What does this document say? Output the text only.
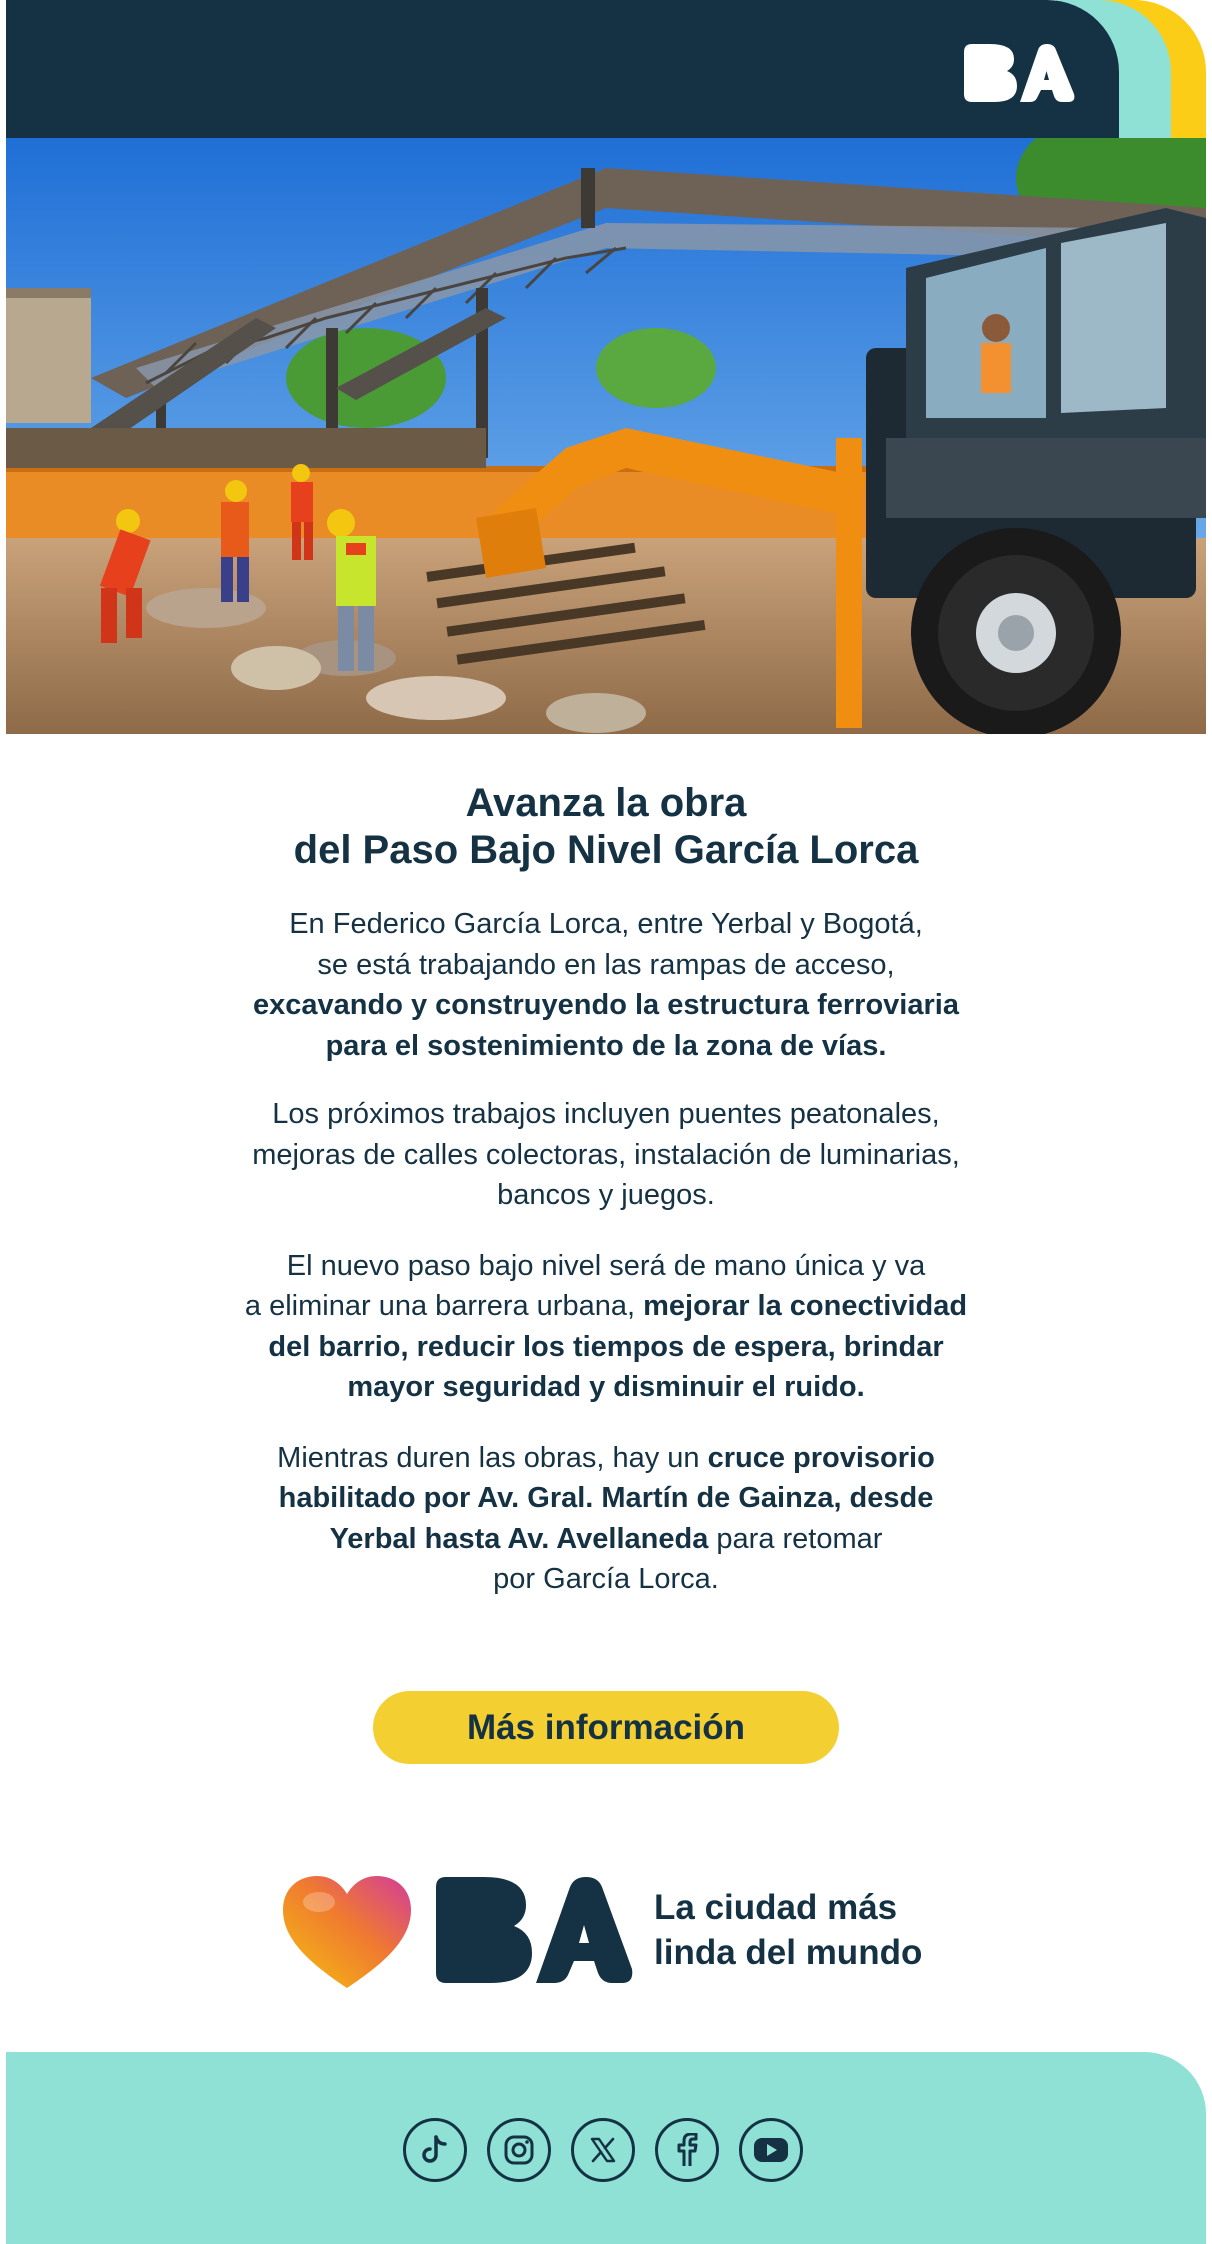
Avanza la obra
del Paso Bajo Nivel García Lorca

En Federico García Lorca, entre Yerbal y Bogotá,
se está trabajando en las rampas de acceso,
excavando y construyendo la estructura ferroviaria
para el sostenimiento de la zona de vías.

Los próximos trabajos incluyen puentes peatonales,
mejoras de calles colectoras, instalación de luminarias,
bancos y juegos.

El nuevo paso bajo nivel será de mano única y va
a eliminar una barrera urbana, mejorar la conectividad
del barrio, reducir los tiempos de espera, brindar
mayor seguridad y disminuir el ruido.

Mientras duren las obras, hay un cruce provisorio
habilitado por Av. Gral. Martín de Gainza, desde
Yerbal hasta Av. Avellaneda para retomar
por García Lorca.

Más información
La ciudad más
linda del mundo
